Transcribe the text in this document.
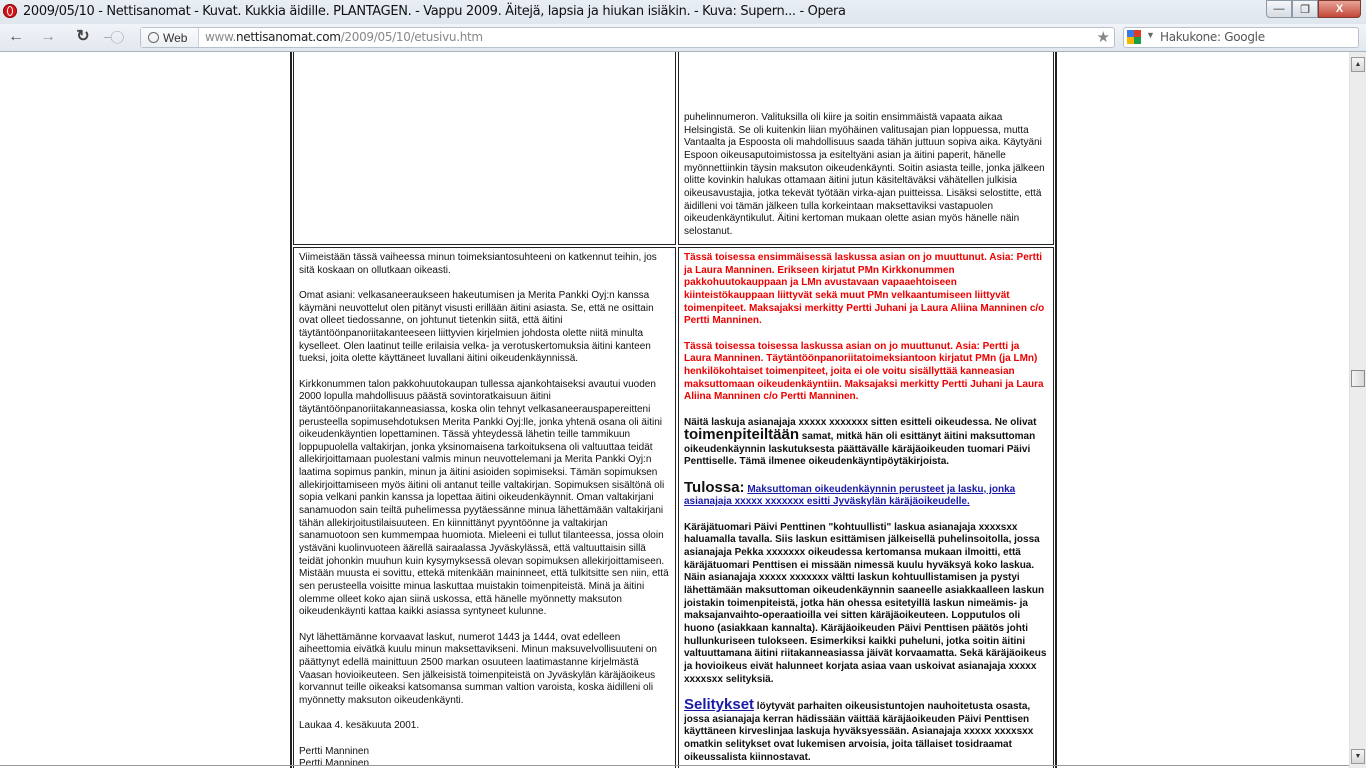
2009/05/10 - Nettisanomat - Kuvat. Kukkia äidille. PLANTAGEN. - Vappu 2009. Äitejä, lapsia ja hiukan isiäkin. - Kuva: Supern... - Opera	—	❐	X
← → ↻ ⎯◯	Web www.nettisanomat.com/2009/05/10/etusivu.htm	★	▼ Hakukone: Google

puhelinnumeron. Valituksilla oli kiire ja soitin ensimmäistä vapaata aikaa Helsingistä. Se oli kuitenkin liian myöhäinen valitusajan pian loppuessa, mutta Vantaalta ja Espoosta oli mahdollisuus saada tähän juttuun sopiva aika. Käytyäni Espoon oikeusaputoimistossa ja esiteltyäni asian ja äitini paperit, hänelle myönnettiinkin täysin maksuton oikeudenkäynti. Soitin asiasta teille, jonka jälkeen olitte kovinkin halukas ottamaan äitini jutun käsiteltäväksi vähätellen julkisia oikeusavustajia, jotka tekevät työtään virka-ajan puitteissa. Lisäksi selostitte, että äidilleni voi tämän jälkeen tulla korkeintaan maksettaviksi vastapuolen oikeudenkäyntikulut. Äitini kertoman mukaan olette asian myös hänelle näin selostanut.

Viimeistään tässä vaiheessa minun toimeksiantosuhteeni on katkennut teihin, jos sitä koskaan on ollutkaan oikeasti.

Omat asiani: velkasaneeraukseen hakeutumisen ja Merita Pankki Oyj:n kanssa käymäni neuvottelut olen pitänyt visusti erillään äitini asiasta. Se, että ne osittain ovat olleet tiedossanne, on johtunut tietenkin siitä, että äitini täytäntöönpanoriitakanteeseen liittyvien kirjelmien johdosta olette niitä minulta kyselleet. Olen laatinut teille erilaisia velka- ja verotuskertomuksia äitini kanteen tueksi, joita olette käyttäneet luvallani äitini oikeudenkäynnissä.

Kirkkonummen talon pakkohuutokaupan tullessa ajankohtaiseksi avautui vuoden 2000 lopulla mahdollisuus päästä sovintoratkaisuun äitini täytäntöönpanoriitakanneasiassa, koska olin tehnyt velkasaneerauspapereitteni perusteella sopimusehdotuksen Merita Pankki Oyj:lle, jonka yhtenä osana oli äitini oikeudenkäyntien lopettaminen. Tässä yhteydessä lähetin teille tammikuun loppupuolella valtakirjan, jonka yksinomaisena tarkoituksena oli valtuuttaa teidät allekirjoittamaan puolestani valmis minun neuvottelemani ja Merita Pankki Oyj:n laatima sopimus pankin, minun ja äitini asioiden sopimiseksi. Tämän sopimuksen allekirjoittamiseen myös äitini oli antanut teille valtakirjan. Sopimuksen sisältönä oli sopia velkani pankin kanssa ja lopettaa äitini oikeudenkäynnit. Oman valtakirjani sanamuodon sain teiltä puhelimessa pyytäessänne minua lähettämään valtakirjani tähän allekirjoitustilaisuuteen. En kiinnittänyt pyyntöönne ja valtakirjan sanamuotoon sen kummempaa huomiota. Mieleeni ei tullut tilanteessa, jossa oloin ystäväni kuolinvuoteen äärellä sairaalassa Jyväskylässä, että valtuuttaisin sillä teidät johonkin muuhun kuin kysymyksessä olevan sopimuksen allekirjoittamiseen. Mistään muusta ei sovittu, ettekä mitenkään maininneet, että tulkitsitte sen niin, että sen perusteella voisitte minua laskuttaa muistakin toimenpiteistä. Minä ja äitini olemme olleet koko ajan siinä uskossa, että hänelle myönnetty maksuton oikeudenkäynti kattaa kaikki asiassa syntyneet kulunne.

Nyt lähettämänne korvaavat laskut, numerot 1443 ja 1444, ovat edelleen aiheettomia eivätkä kuulu minun maksettavikseni. Minun maksuvelvollisuuteni on päättynyt edellä mainittuun 2500 markan osuuteen laatimastanne kirjelmästä Vaasan hovioikeuteen. Sen jälkeisistä toimenpiteistä on Jyväskylän käräjäoikeus korvannut teille oikeaksi katsomansa summan valtion varoista, koska äidilleni oli myönnetty maksuton oikeudenkäynti.

Laukaa 4. kesäkuuta 2001.

Pertti Manninen
Pertti Manninen

Tässä toisessa ensimmäisessä laskussa asian on jo muuttunut. Asia: Pertti ja Laura Manninen. Erikseen kirjatut PMn Kirkkonummen pakkohuutokauppaan ja LMn avustavaan vapaaehtoiseen kiinteistökauppaan liittyvät sekä muut PMn velkaantumiseen liittyvät toimenpiteet. Maksajaksi merkitty Pertti Juhani ja Laura Aliina Manninen c/o Pertti Manninen.

Tässä toisessa toisessa laskussa asian on jo muuttunut. Asia: Pertti ja Laura Manninen. Täytäntöönpanoriitatoimeksiantoon kirjatut PMn (ja LMn) henkilökohtaiset toimenpiteet, joita ei ole voitu sisällyttää kanneasian maksuttomaan oikeudenkäyntiin. Maksajaksi merkitty Pertti Juhani ja Laura Aliina Manninen c/o Pertti Manninen.

Näitä laskuja asianajaja xxxxx xxxxxxx sitten esitteli oikeudessa. Ne olivat toimenpiteiltään samat, mitkä hän oli esittänyt äitini maksuttoman oikeudenkäynnin laskutuksesta päättävälle käräjäoikeuden tuomari Päivi Penttiselle. Tämä ilmenee oikeudenkäyntipöytäkirjoista.

Tulossa: Maksuttoman oikeudenkäynnin perusteet ja lasku, jonka asianajaja xxxxx xxxxxxx esitti Jyväskylän käräjäoikeudelle.

Käräjätuomari Päivi Penttinen "kohtuullisti" laskua asianajaja xxxxsxx haluamalla tavalla. Siis laskun esittämisen jälkeisellä puhelinsoitolla, jossa asianajaja Pekka xxxxxxx oikeudessa kertomansa mukaan ilmoitti, että käräjätuomari Penttisen ei missään nimessä kuulu hyväksyä koko laskua. Näin asianajaja xxxxx xxxxxxx vältti laskun kohtuullistamisen ja pystyi lähettämään maksuttoman oikeudenkäynnin saaneelle asiakkaalleen laskun joistakin toimenpiteistä, jotka hän ohessa esitetyillä laskun nimeämis- ja maksajanvaihto-operaatioilla vei sitten käräjäoikeuteen. Lopputulos oli huono (asiakkaan kannalta). Käräjäoikeuden Päivi Penttisen päätös johti hullunkuriseen tulokseen. Esimerkiksi kaikki puheluni, jotka soitin äitini valtuuttamana äitini riitakanneasiassa jäivät korvaamatta. Sekä käräjäoikeus ja hovioikeus eivät halunneet korjata asiaa vaan uskoivat asianajaja xxxxx xxxxsxx selityksiä.

Selitykset löytyvät parhaiten oikeusistuntojen nauhoitetusta osasta, jossa asianajaja kerran hädissään väittää käräjäoikeuden Päivi Penttisen käyttäneen kirveslinjaa laskuja hyväksyessään. Asianajaja xxxxx xxxxsxx omatkin selitykset ovat lukemisen arvoisia, joita tällaiset tosidraamat oikeussalista kiinnostavat.

▲
▼
